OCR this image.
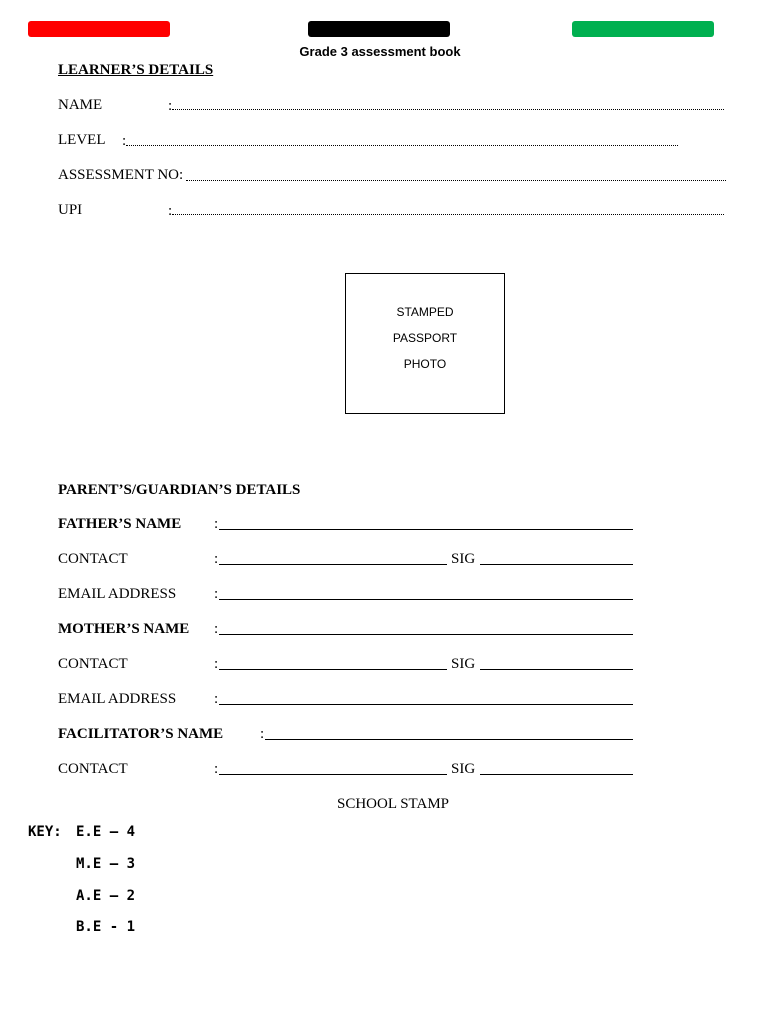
Grade 3 assessment book
LEARNER’S DETAILS
NAME	:
LEVEL :
ASSESSMENT NO:
UPI	:
STAMPED
PASSPORT
PHOTO
PARENT’S/GUARDIAN’S DETAILS
FATHER’S NAME :
CONTACT	:	SIG
EMAIL ADDRESS	:
MOTHER’S NAME :
CONTACT	:	SIG
EMAIL ADDRESS	:
FACILITATOR’S NAME :
CONTACT	:	SIG
SCHOOL STAMP
KEY: E.E – 4
M.E – 3
A.E – 2
B.E - 1
